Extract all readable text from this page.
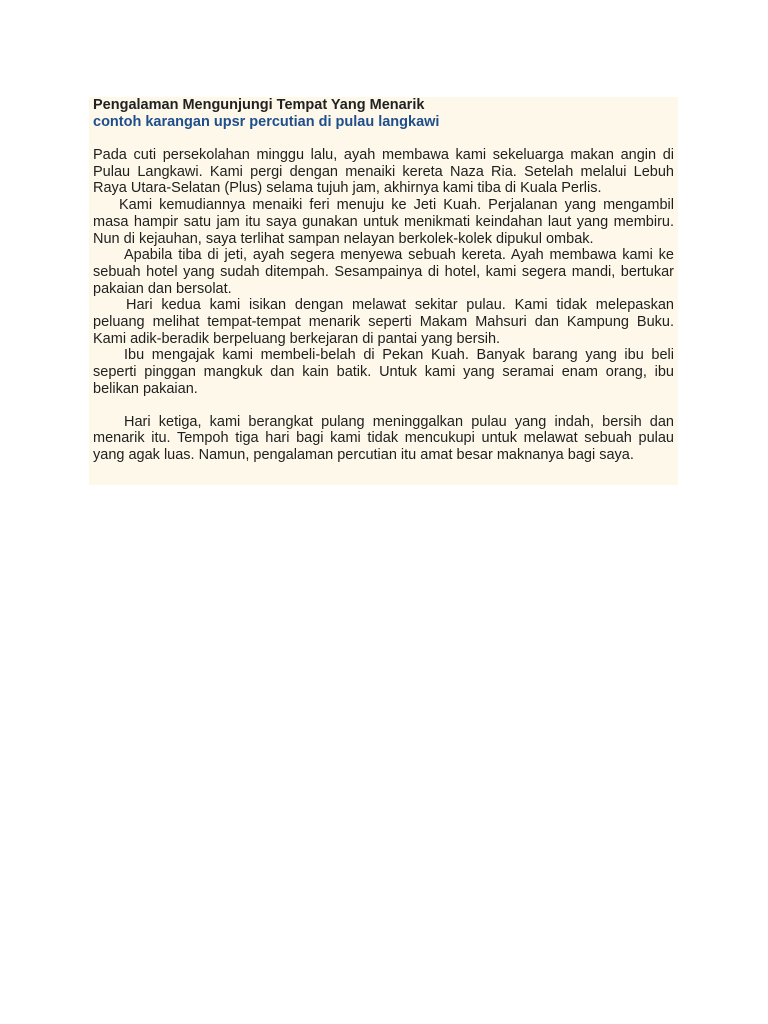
Pengalaman Mengunjungi Tempat Yang Menarik

contoh karangan upsr percutian di pulau langkawi

Pada cuti persekolahan minggu lalu, ayah membawa kami sekeluarga makan angin di Pulau Langkawi. Kami pergi dengan menaiki kereta Naza Ria. Setelah melalui Lebuh Raya Utara-Selatan (Plus) selama tujuh jam, akhirnya kami tiba di Kuala Perlis.

Kami kemudiannya menaiki feri menuju ke Jeti Kuah. Perjalanan yang mengambil masa hampir satu jam itu saya gunakan untuk menikmati keindahan laut yang membiru. Nun di kejauhan, saya terlihat sampan nelayan berkolek-kolek dipukul ombak.

Apabila tiba di jeti, ayah segera menyewa sebuah kereta. Ayah membawa kami ke sebuah hotel yang sudah ditempah. Sesampainya di hotel, kami segera mandi, bertukar pakaian dan bersolat.

Hari kedua kami isikan dengan melawat sekitar pulau. Kami tidak melepaskan peluang melihat tempat-tempat menarik seperti Makam Mahsuri dan Kampung Buku. Kami adik-beradik berpeluang berkejaran di pantai yang bersih.

Ibu mengajak kami membeli-belah di Pekan Kuah. Banyak barang yang ibu beli seperti pinggan mangkuk dan kain batik. Untuk kami yang seramai enam orang, ibu belikan pakaian.

Hari ketiga, kami berangkat pulang meninggalkan pulau yang indah, bersih dan menarik itu. Tempoh tiga hari bagi kami tidak mencukupi untuk melawat sebuah pulau yang agak luas. Namun, pengalaman percutian itu amat besar maknanya bagi saya.
